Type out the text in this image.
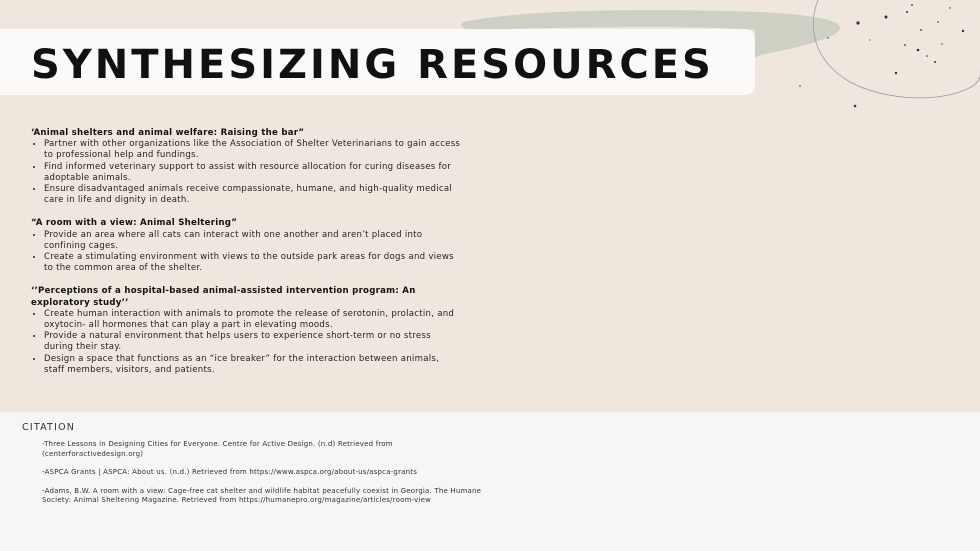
SYNTHESIZING RESOURCES
‘Animal shelters and animal welfare: Raising the bar”
• Partner with other organizations like the Association of Shelter Veterinarians to gain access to professional help and fundings.
• Find informed veterinary support to assist with resource allocation for curing diseases for adoptable animals.
• Ensure disadvantaged animals receive compassionate, humane, and high-quality medical care in life and dignity in death.
“A room with a view: Animal Sheltering”
• Provide an area where all cats can interact with one another and aren’t placed into confining cages.
• Create a stimulating environment with views to the outside park areas for dogs and views to the common area of the shelter.
‘’Perceptions of a hospital-based animal-assisted intervention program: An exploratory study’’
• Create human interaction with animals to promote the release of serotonin, prolactin, and oxytocin- all hormones that can play a part in elevating moods.
• Provide a natural environment that helps users to experience short-term or no stress during their stay.
• Design a space that functions as an “ice breaker” for the interaction between animals, staff members, visitors, and patients.
CITATION
-Three Lessons in Designing Cities for Everyone. Centre for Active Design. (n.d) Retrieved from (centerforactivedesign.org)
-ASPCA Grants | ASPCA: About us. (n.d.) Retrieved from https://www.aspca.org/about-us/aspca-grants
-Adams, B.W. A room with a view: Cage-free cat shelter and wildlife habitat peacefully coexist in Georgia. The Humane Society: Animal Sheltering Magazine. Retrieved from https://humanepro.org/magazine/articles/room-view
